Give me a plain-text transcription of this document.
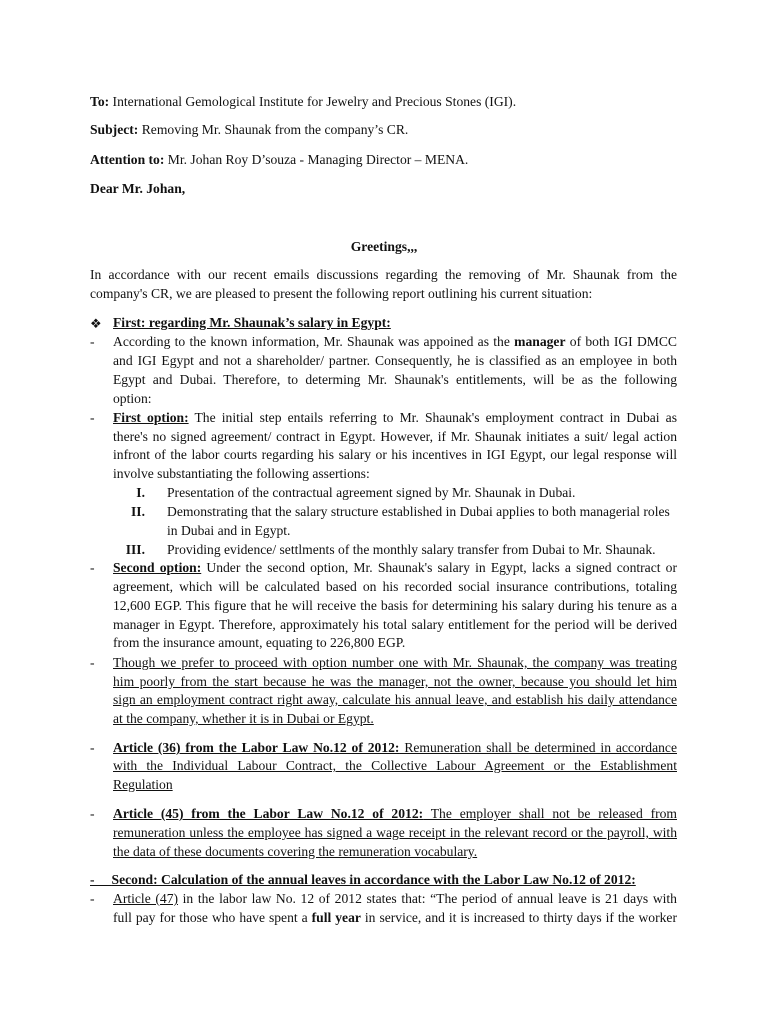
To: International Gemological Institute for Jewelry and Precious Stones (IGI).
Subject: Removing Mr. Shaunak from the company’s CR.
Attention to: Mr. Johan Roy D’souza - Managing Director – MENA.
Dear Mr. Johan,
Greetings,,,
In accordance with our recent emails discussions regarding the removing of Mr. Shaunak from the
company's CR, we are pleased to present the following report outlining his current situation:
❖ First: regarding Mr. Shaunak’s salary in Egypt:
- According to the known information, Mr. Shaunak was appoined as the manager of both IGI DMCC
and IGI Egypt and not a shareholder/ partner. Consequently, he is classified as an employee in both
Egypt and Dubai. Therefore, to determing Mr. Shaunak's entitlements, will be as the following
option:
- First option: The initial step entails referring to Mr. Shaunak's employment contract in Dubai as
there's no signed agreement/ contract in Egypt. However, if Mr. Shaunak initiates a suit/ legal action
infront of the labor courts regarding his salary or his incentives in IGI Egypt, our legal response will
involve substantiating the following assertions:
I. Presentation of the contractual agreement signed by Mr. Shaunak in Dubai.
II. Demonstrating that the salary structure established in Dubai applies to both managerial roles
in Dubai and in Egypt.
III. Providing evidence/ settlments of the monthly salary transfer from Dubai to Mr. Shaunak.
- Second option: Under the second option, Mr. Shaunak's salary in Egypt, lacks a signed contract or
agreement, which will be calculated based on his recorded social insurance contributions, totaling
12,600 EGP. This figure that he will receive the basis for determining his salary during his tenure as a
manager in Egypt. Therefore, approximately his total salary entitlement for the period will be derived
from the insurance amount, equating to 226,800 EGP.
- Though we prefer to proceed with option number one with Mr. Shaunak, the company was treating
him poorly from the start because he was the manager, not the owner, because you should let him
sign an employment contract right away, calculate his annual leave, and establish his daily attendance
at the company, whether it is in Dubai or Egypt.
- Article (36) from the Labor Law No.12 of 2012: Remuneration shall be determined in accordance
with the Individual Labour Contract, the Collective Labour Agreement or the Establishment
Regulation
- Article (45) from the Labor Law No.12 of 2012: The employer shall not be released from
remuneration unless the employee has signed a wage receipt in the relevant record or the payroll, with
the data of these documents covering the remuneration vocabulary.
-     Second: Calculation of the annual leaves in accordance with the Labor Law No.12 of 2012:
- Article (47) in the labor law No. 12 of 2012 states that: “The period of annual leave is 21 days with
full pay for those who have spent a full year in service, and it is increased to thirty days if the worker
